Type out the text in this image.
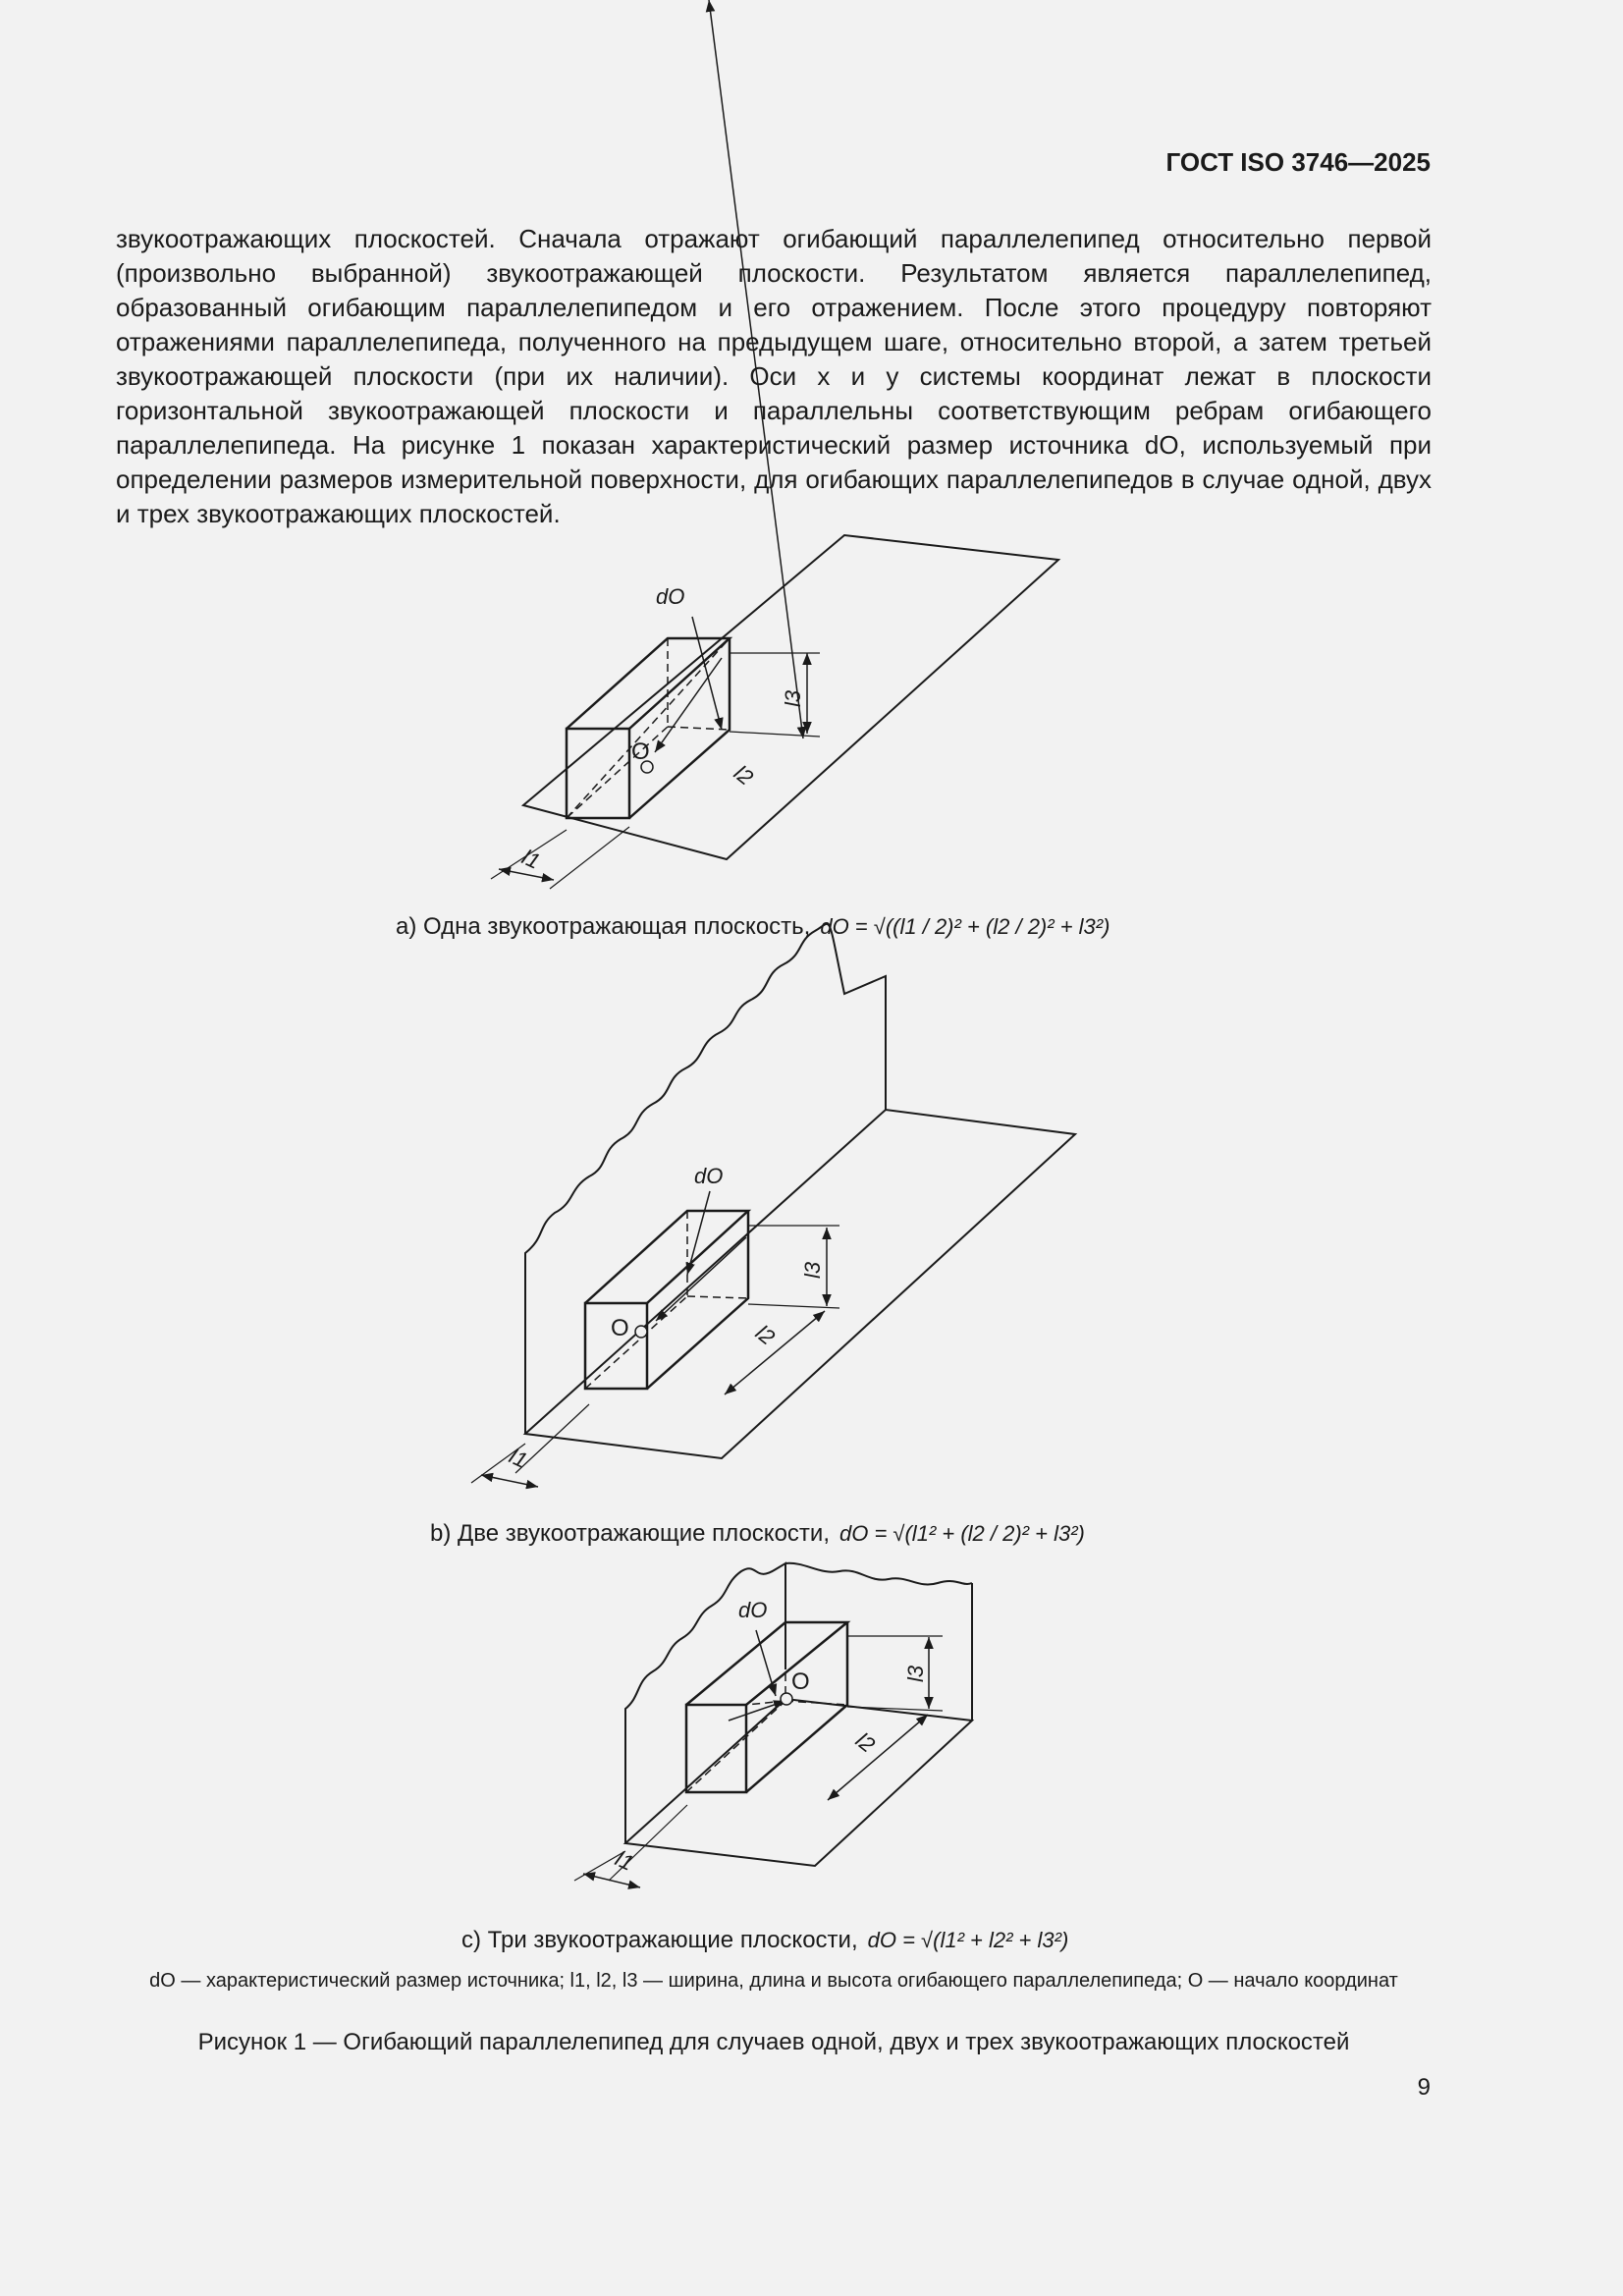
ГОСТ ISO 3746—2025

звукоотражающих плоскостей. Сначала отражают огибающий параллелепипед относительно первой (произвольно выбранной) звукоотражающей плоскости. Результатом является параллелепипед, образованный огибающим параллелепипедом и его отражением. После этого процедуру повторяют отражениями параллелепипеда, полученного на предыдущем шаге, относительно второй, а затем третьей звукоотражающей плоскости (при их наличии). Оси x и y системы координат лежат в плоскости горизонтальной звукоотражающей плоскости и параллельны соответствующим ребрам огибающего параллелепипеда. На рисунке 1 показан характеристический размер источника dO, используемый при определении размеров измерительной поверхности, для огибающих параллелепипедов в случае одной, двух и трех звукоотражающих плоскостей.

dO
O
l3
l2
l1
dO
O
l3
l2
l1
dO
O	l3
l2
l1
a) Одна звукоотражающая плоскость, dO = √((l1 / 2)² + (l2 / 2)² + l3²)
b) Две звукоотражающие плоскости, dO = √(l1² + (l2 / 2)² + l3²)
c) Три звукоотражающие плоскости, dO = √(l1² + l2² + l3²)
dO — характеристический размер источника; l1, l2, l3 — ширина, длина и высота огибающего параллелепипеда; O — начало координат
Рисунок 1 — Огибающий параллелепипед для случаев одной, двух и трех звукоотражающих плоскостей
9
